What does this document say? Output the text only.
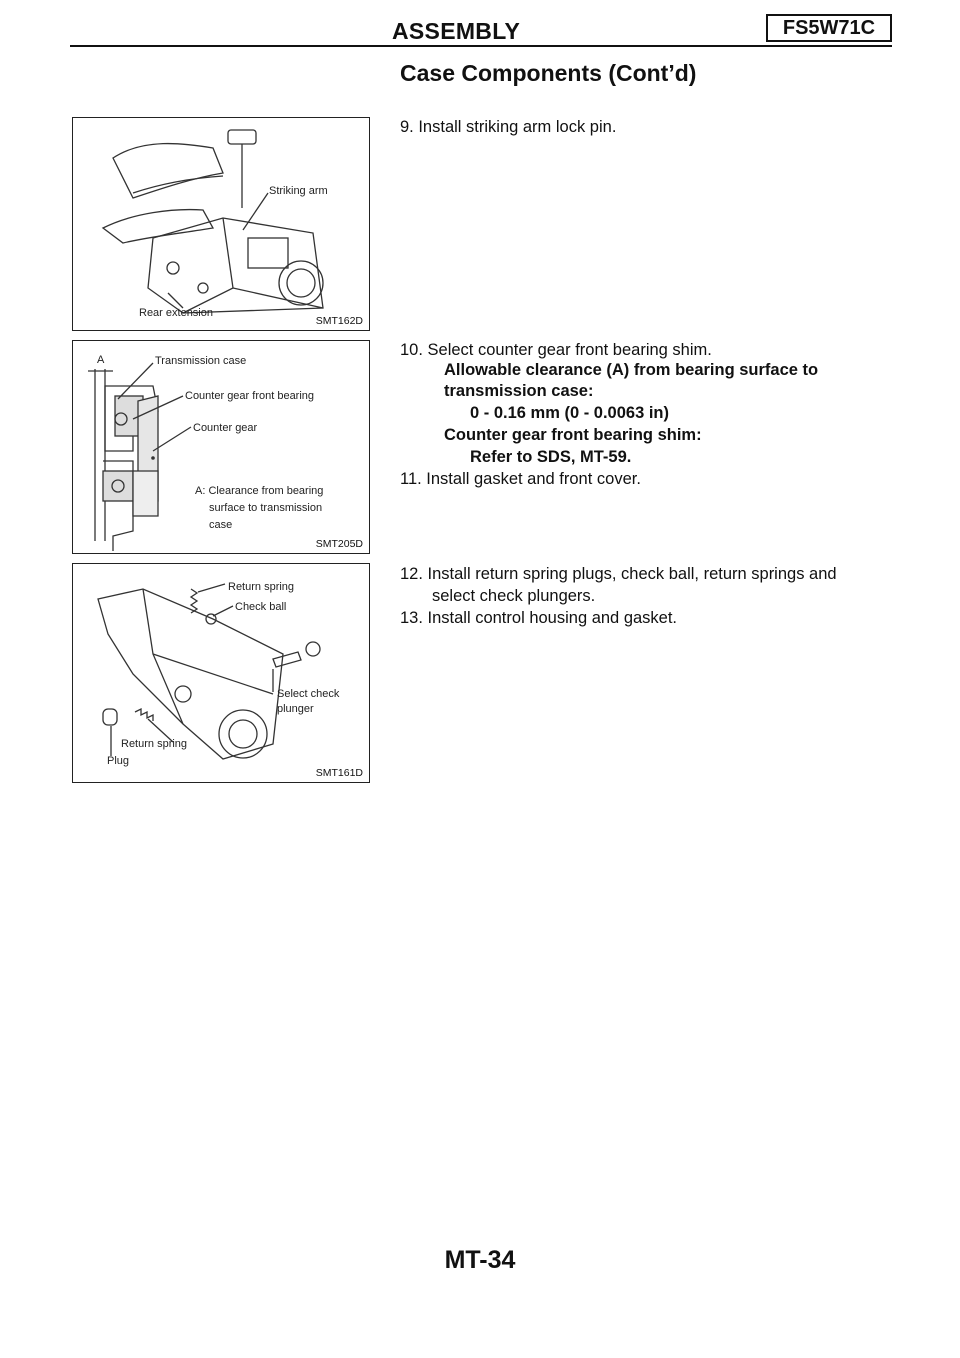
ASSEMBLY	FS5W71C
Case Components (Cont’d)
Striking arm
Rear extension
SMT162D
A	Transmission case
Counter gear front bearing
Counter gear
A: Clearance from bearing
surface to transmission
case
SMT205D
Return spring
Check ball
Select check
plunger
Return spring
Plug
SMT161D
9. Install striking arm lock pin.
10. Select counter gear front bearing shim.
Allowable clearance (A) from bearing surface to
transmission case:
0 - 0.16 mm (0 - 0.0063 in)
Counter gear front bearing shim:
Refer to SDS, MT-59.
11. Install gasket and front cover.
12. Install return spring plugs, check ball, return springs and
select check plungers.
13. Install control housing and gasket.
MT-34
